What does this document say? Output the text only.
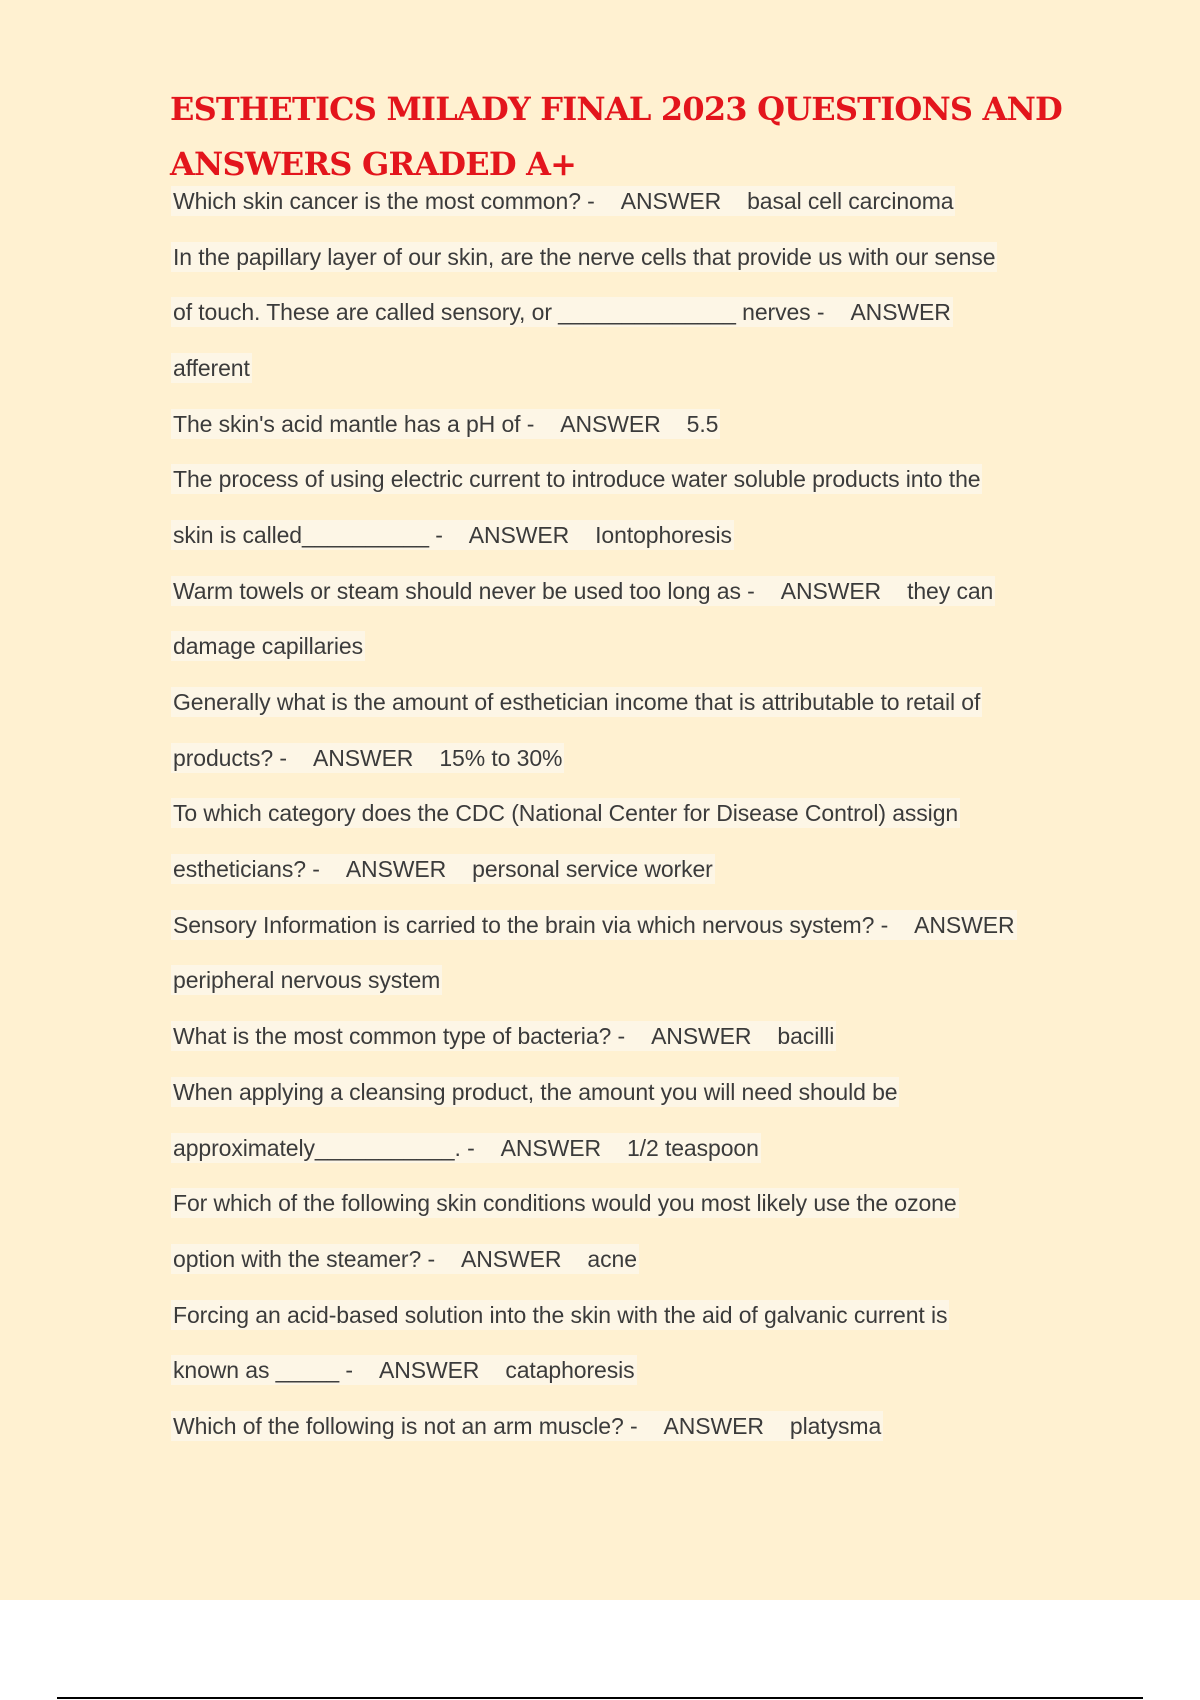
ESTHETICS MILADY FINAL 2023 QUESTIONS AND
ANSWERS GRADED A+
Which skin cancer is the most common? - ANSWER basal cell carcinoma
In the papillary layer of our skin, are the nerve cells that provide us with our sense
of touch. These are called sensory, or ______________ nerves - ANSWER
afferent
The skin's acid mantle has a pH of - ANSWER 5.5
The process of using electric current to introduce water soluble products into the
skin is called__________ - ANSWER Iontophoresis
Warm towels or steam should never be used too long as - ANSWER they can
damage capillaries
Generally what is the amount of esthetician income that is attributable to retail of
products? - ANSWER 15% to 30%
To which category does the CDC (National Center for Disease Control) assign
estheticians? - ANSWER personal service worker
Sensory Information is carried to the brain via which nervous system? - ANSWER
peripheral nervous system
What is the most common type of bacteria? - ANSWER bacilli
When applying a cleansing product, the amount you will need should be
approximately___________. - ANSWER 1/2 teaspoon
For which of the following skin conditions would you most likely use the ozone
option with the steamer? - ANSWER acne
Forcing an acid-based solution into the skin with the aid of galvanic current is
known as _____ - ANSWER cataphoresis
Which of the following is not an arm muscle? - ANSWER platysma
